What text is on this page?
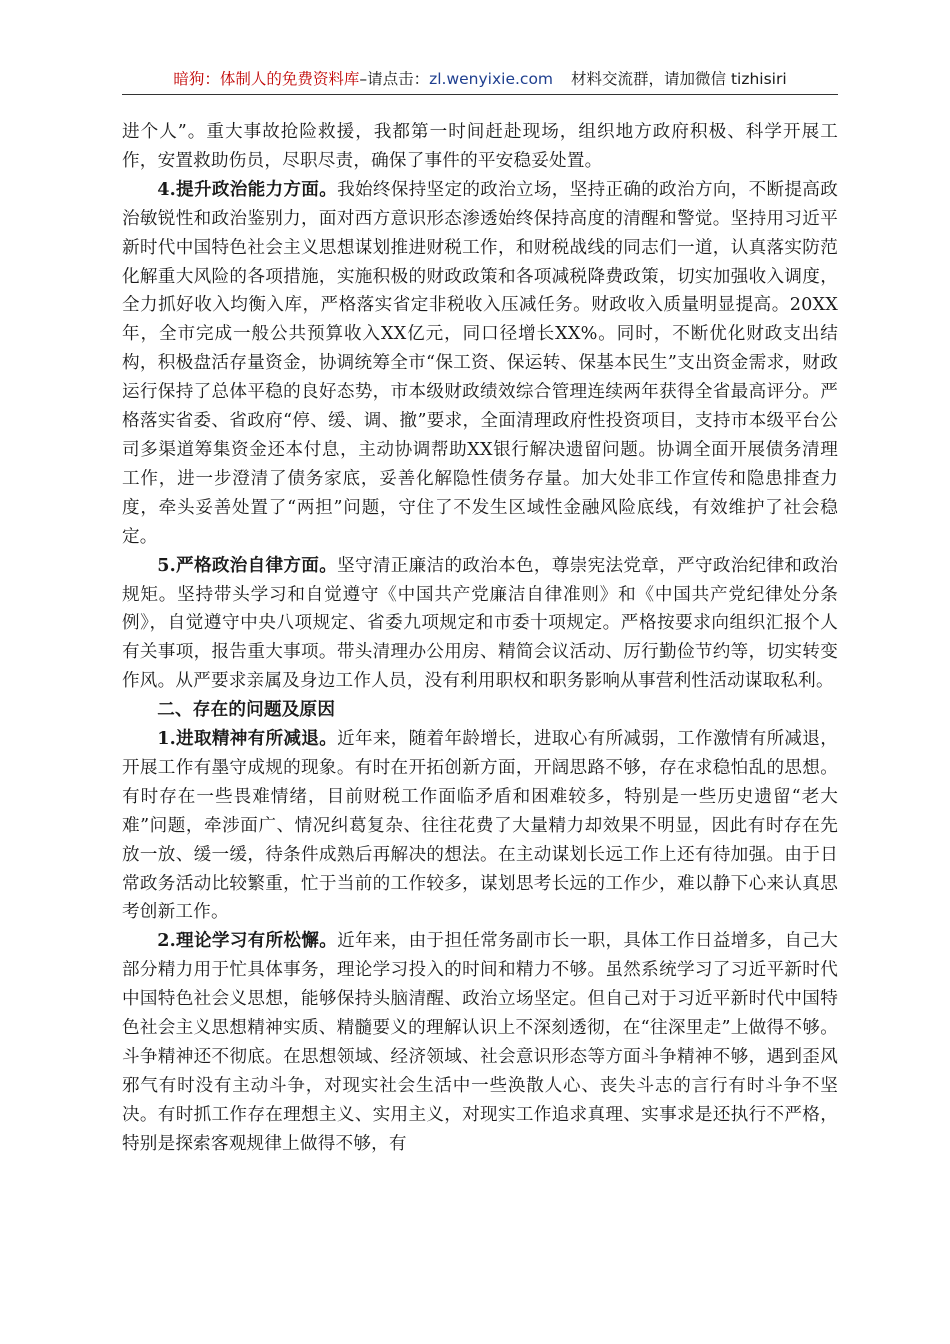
暗狗：体制人的免费资料库–请点击：zl.wenyixie.com 材料交流群，请加微信 tizhisiri

进个人”。重大事故抢险救援，我都第一时间赶赴现场，组织地方政府积极、科学开展工作，安置救助伤员，尽职尽责，确保了事件的平安稳妥处置。

4.提升政治能力方面。我始终保持坚定的政治立场，坚持正确的政治方向，不断提高政治敏锐性和政治鉴别力，面对西方意识形态渗透始终保持高度的清醒和警觉。坚持用习近平新时代中国特色社会主义思想谋划推进财税工作，和财税战线的同志们一道，认真落实防范化解重大风险的各项措施，实施积极的财政政策和各项减税降费政策，切实加强收入调度，全力抓好收入均衡入库，严格落实省定非税收入压减任务。财政收入质量明显提高。20XX年，全市完成一般公共预算收入XX亿元，同口径增长XX%。同时，不断优化财政支出结构，积极盘活存量资金，协调统筹全市“保工资、保运转、保基本民生”支出资金需求，财政运行保持了总体平稳的良好态势，市本级财政绩效综合管理连续两年获得全省最高评分。严格落实省委、省政府“停、缓、调、撤”要求，全面清理政府性投资项目，支持市本级平台公司多渠道筹集资金还本付息，主动协调帮助XX银行解决遗留问题。协调全面开展债务清理工作，进一步澄清了债务家底，妥善化解隐性债务存量。加大处非工作宣传和隐患排查力度，牵头妥善处置了“两担”问题，守住了不发生区域性金融风险底线，有效维护了社会稳定。

5.严格政治自律方面。坚守清正廉洁的政治本色，尊崇宪法党章，严守政治纪律和政治规矩。坚持带头学习和自觉遵守《中国共产党廉洁自律准则》和《中国共产党纪律处分条例》，自觉遵守中央八项规定、省委九项规定和市委十项规定。严格按要求向组织汇报个人有关事项，报告重大事项。带头清理办公用房、精简会议活动、厉行勤俭节约等，切实转变作风。从严要求亲属及身边工作人员，没有利用职权和职务影响从事营利性活动谋取私利。

二、存在的问题及原因

1.进取精神有所减退。近年来，随着年龄增长，进取心有所减弱，工作激情有所减退，开展工作有墨守成规的现象。有时在开拓创新方面，开阔思路不够，存在求稳怕乱的思想。有时存在一些畏难情绪，目前财税工作面临矛盾和困难较多，特别是一些历史遗留“老大难”问题，牵涉面广、情况纠葛复杂、往往花费了大量精力却效果不明显，因此有时存在先放一放、缓一缓，待条件成熟后再解决的想法。在主动谋划长远工作上还有待加强。由于日常政务活动比较繁重，忙于当前的工作较多，谋划思考长远的工作少，难以静下心来认真思考创新工作。

2.理论学习有所松懈。近年来，由于担任常务副市长一职，具体工作日益增多，自己大部分精力用于忙具体事务，理论学习投入的时间和精力不够。虽然系统学习了习近平新时代中国特色社会义思想，能够保持头脑清醒、政治立场坚定。但自己对于习近平新时代中国特色社会主义思想精神实质、精髓要义的理解认识上不深刻透彻，在“往深里走”上做得不够。斗争精神还不彻底。在思想领域、经济领域、社会意识形态等方面斗争精神不够，遇到歪风邪气有时没有主动斗争，对现实社会生活中一些涣散人心、丧失斗志的言行有时斗争不坚决。有时抓工作存在理想主义、实用主义，对现实工作追求真理、实事求是还执行不严格，特别是探索客观规律上做得不够，有
